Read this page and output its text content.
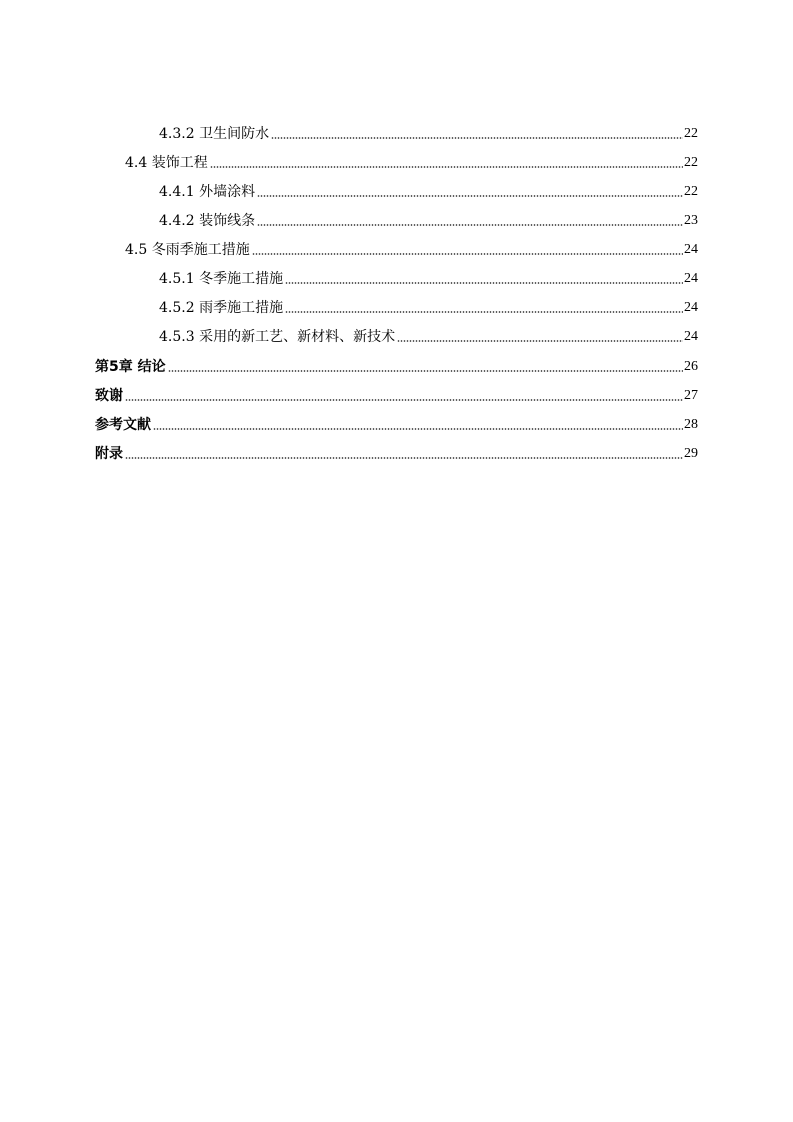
4.3.2 卫生间防水	22
4.4 装饰工程	22
4.4.1 外墙涂料	22
4.4.2 装饰线条	23
4.5 冬雨季施工措施	24
4.5.1 冬季施工措施	24
4.5.2 雨季施工措施	24
4.5.3 采用的新工艺、新材料、新技术	24
第5章 结论	26
致谢	27
参考文献	28
附录	29
